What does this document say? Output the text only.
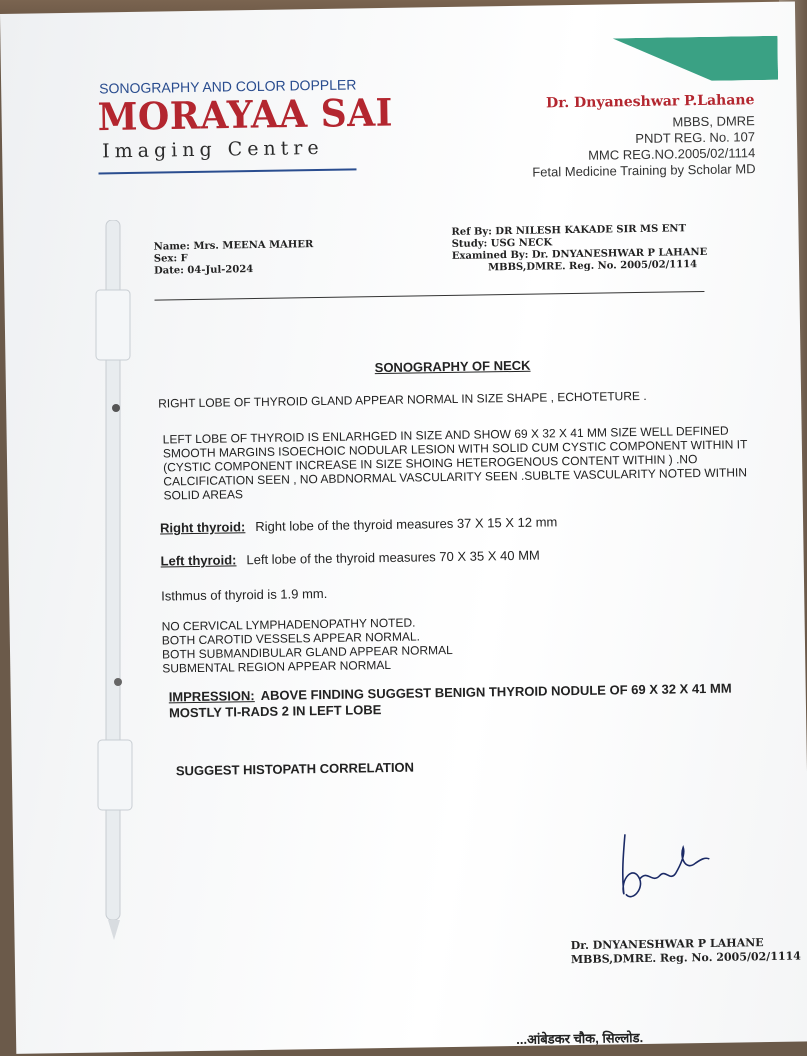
SONOGRAPHY AND COLOR DOPPLER
MORAYAA SAI
Imaging Centre
Dr. Dnyaneshwar P.Lahane
MBBS, DMRE
PNDT REG. No. 107
MMC REG.NO.2005/02/1114
Fetal Medicine Training by Scholar MD
Name: Mrs. MEENA MAHER
Sex: F
Date: 04-Jul-2024
Ref By: DR NILESH KAKADE SIR MS ENT
Study: USG NECK
Examined By: Dr. DNYANESHWAR P LAHANE
MBBS,DMRE. Reg. No. 2005/02/1114
SONOGRAPHY OF NECK
RIGHT LOBE OF THYROID GLAND APPEAR NORMAL IN SIZE SHAPE , ECHOTETURE .
LEFT LOBE OF THYROID IS ENLARHGED IN SIZE AND SHOW 69 X 32 X 41 MM SIZE WELL DEFINED SMOOTH MARGINS ISOECHOIC NODULAR LESION WITH SOLID CUM CYSTIC COMPONENT WITHIN IT (CYSTIC COMPONENT INCREASE IN SIZE SHOING HETEROGENOUS CONTENT WITHIN ) .NO CALCIFICATION SEEN , NO ABDNORMAL VASCULARITY SEEN .SUBLTE VASCULARITY NOTED WITHIN SOLID AREAS
Right thyroid: Right lobe of the thyroid measures 37 X 15 X 12 mm
Left thyroid: Left lobe of the thyroid measures 70 X 35 X 40 MM
Isthmus of thyroid is 1.9 mm.
NO CERVICAL LYMPHADENOPATHY NOTED.
BOTH CAROTID VESSELS APPEAR NORMAL.
BOTH SUBMANDIBULAR GLAND APPEAR NORMAL
SUBMENTAL REGION APPEAR NORMAL
IMPRESSION: ABOVE FINDING SUGGEST BENIGN THYROID NODULE OF 69 X 32 X 41 MM MOSTLY TI-RADS 2 IN LEFT LOBE
SUGGEST HISTOPATH CORRELATION
Dr. DNYANESHWAR P LAHANE
MBBS,DMRE. Reg. No. 2005/02/1114
...आंबेडकर चौक, सिल्लोड.
